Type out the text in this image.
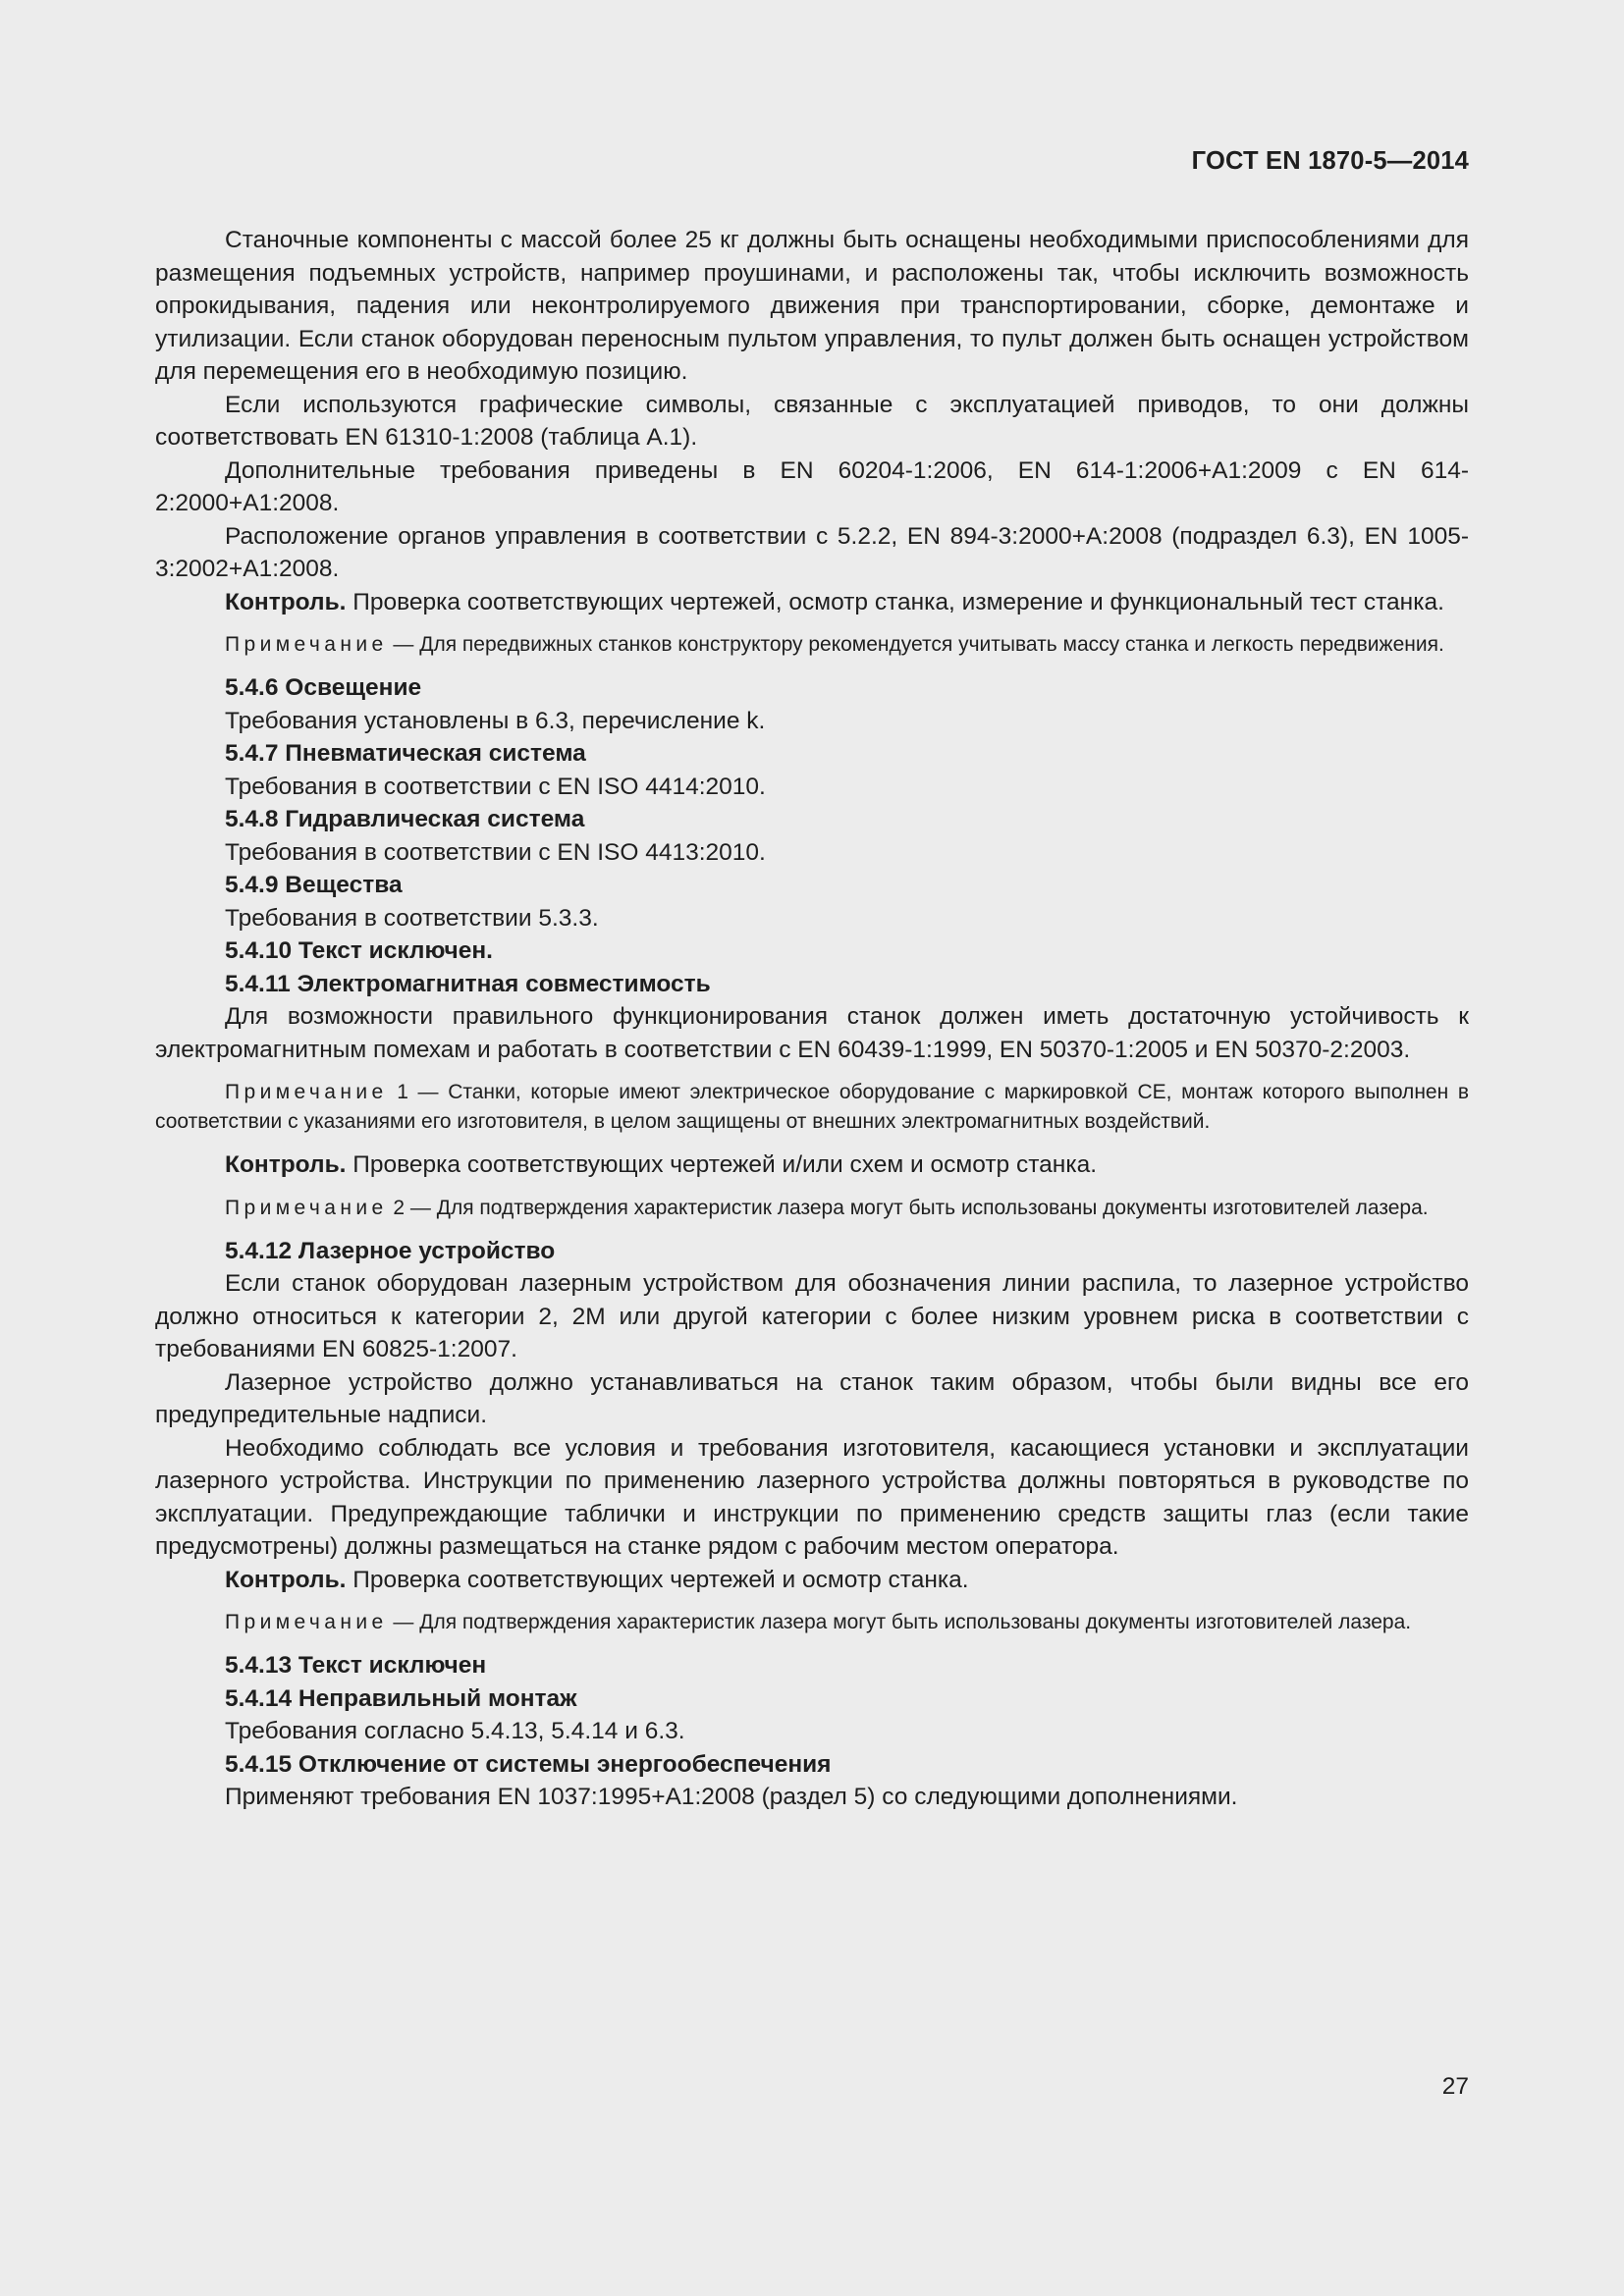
ГОСТ EN 1870-5—2014

Станочные компоненты с массой более 25 кг должны быть оснащены необходимыми приспособлениями для размещения подъемных устройств, например проушинами, и расположены так, чтобы исключить возможность опрокидывания, падения или неконтролируемого движения при транспортировании, сборке, демонтаже и утилизации. Если станок оборудован переносным пультом управления, то пульт должен быть оснащен устройством для перемещения его в необходимую позицию.

Если используются графические символы, связанные с эксплуатацией приводов, то они должны соответствовать EN 61310-1:2008 (таблица А.1).

Дополнительные требования приведены в EN 60204-1:2006, EN 614-1:2006+A1:2009 с EN 614-2:2000+A1:2008.

Расположение органов управления в соответствии с 5.2.2, EN 894-3:2000+A:2008 (подраздел 6.3), EN 1005-3:2002+A1:2008.

Контроль. Проверка соответствующих чертежей, осмотр станка, измерение и функциональный тест станка.

Примечание — Для передвижных станков конструктору рекомендуется учитывать массу станка и легкость передвижения.

5.4.6 Освещение

Требования установлены в 6.3, перечисление k.

5.4.7 Пневматическая система

Требования в соответствии с EN ISO 4414:2010.

5.4.8 Гидравлическая система

Требования в соответствии с EN ISO 4413:2010.

5.4.9 Вещества

Требования в соответствии 5.3.3.

5.4.10 Текст исключен.

5.4.11 Электромагнитная совместимость

Для возможности правильного функционирования станок должен иметь достаточную устойчивость к электромагнитным помехам и работать в соответствии с EN 60439-1:1999, EN 50370-1:2005 и EN 50370-2:2003.

Примечание 1 — Станки, которые имеют электрическое оборудование с маркировкой СЕ, монтаж которого выполнен в соответствии с указаниями его изготовителя, в целом защищены от внешних электромагнитных воздействий.

Контроль. Проверка соответствующих чертежей и/или схем и осмотр станка.

Примечание 2 — Для подтверждения характеристик лазера могут быть использованы документы изготовителей лазера.

5.4.12 Лазерное устройство

Если станок оборудован лазерным устройством для обозначения линии распила, то лазерное устройство должно относиться к категории 2, 2M или другой категории с более низким уровнем риска в соответствии с требованиями EN 60825-1:2007.

Лазерное устройство должно устанавливаться на станок таким образом, чтобы были видны все его предупредительные надписи.

Необходимо соблюдать все условия и требования изготовителя, касающиеся установки и эксплуатации лазерного устройства. Инструкции по применению лазерного устройства должны повторяться в руководстве по эксплуатации. Предупреждающие таблички и инструкции по применению средств защиты глаз (если такие предусмотрены) должны размещаться на станке рядом с рабочим местом оператора.

Контроль. Проверка соответствующих чертежей и осмотр станка.

Примечание — Для подтверждения характеристик лазера могут быть использованы документы изготовителей лазера.

5.4.13 Текст исключен

5.4.14 Неправильный монтаж

Требования согласно 5.4.13, 5.4.14 и 6.3.

5.4.15 Отключение от системы энергообеспечения

Применяют требования EN 1037:1995+A1:2008 (раздел 5) со следующими дополнениями.

27
